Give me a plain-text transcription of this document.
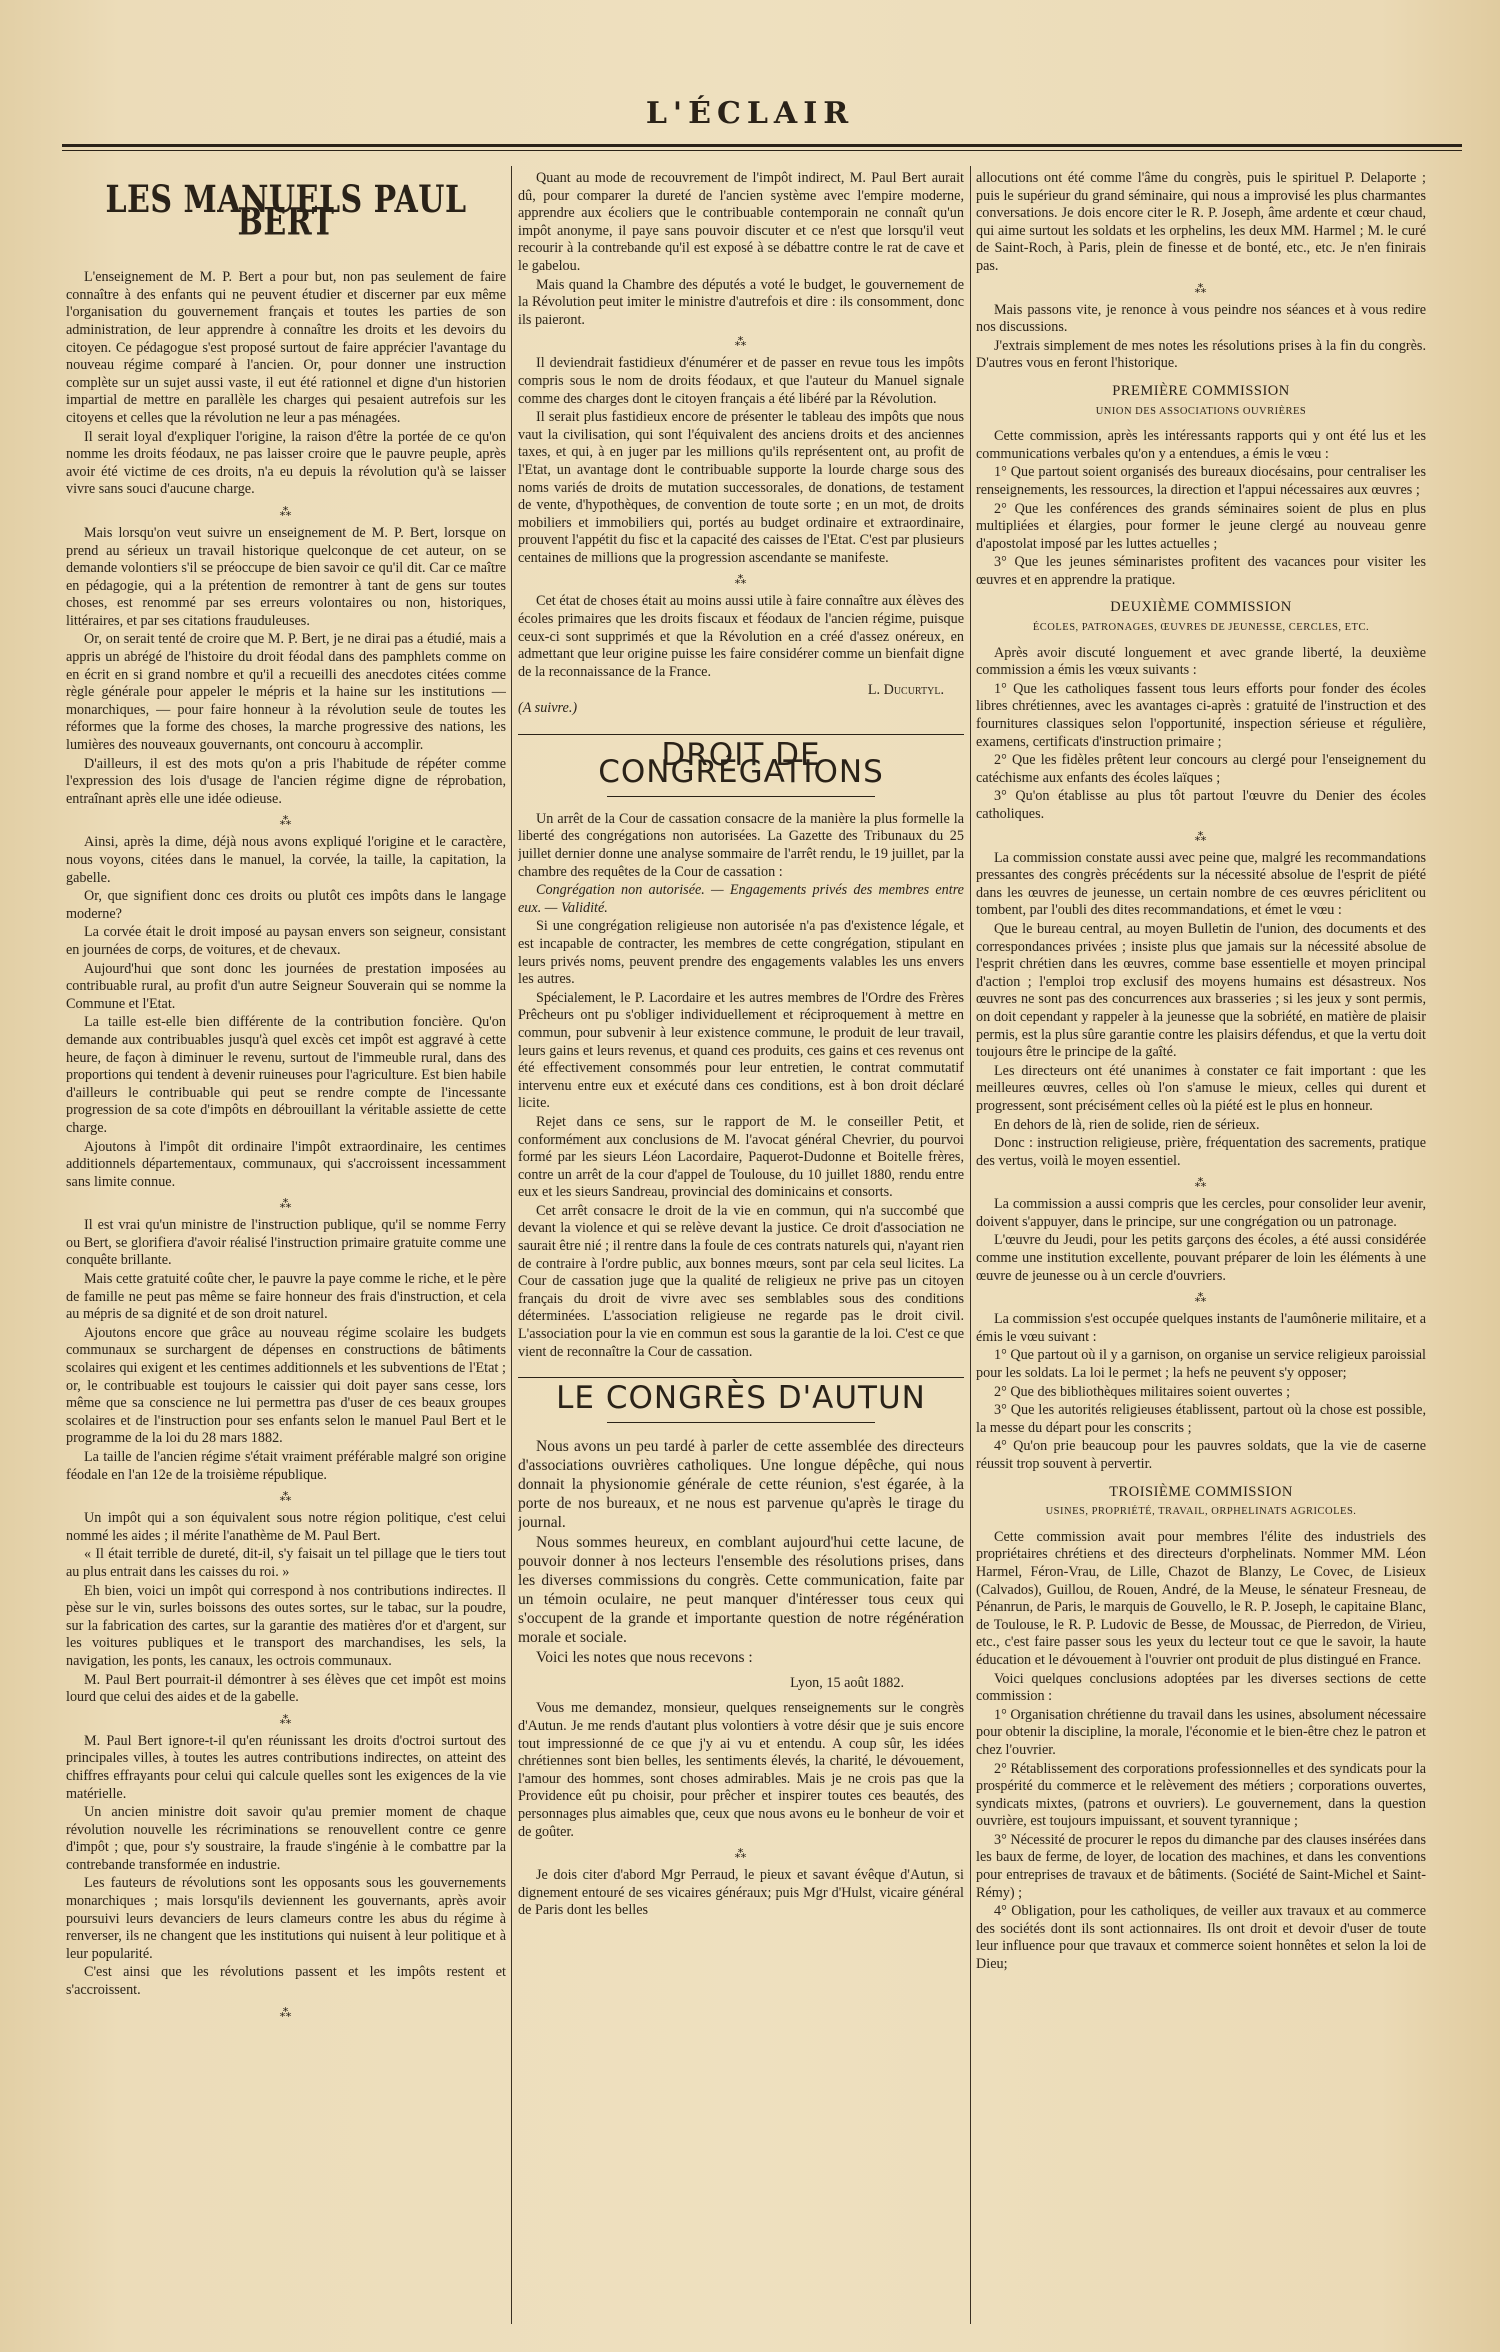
L'ÉCLAIR
LES MANUELS PAUL BERT

L'enseignement de M. P. Bert a pour but, non pas seulement de faire connaître à des enfants qui ne peuvent étudier et discerner par eux même l'organisation du gouvernement français et toutes les parties de son administration, de leur apprendre à connaître les droits et les devoirs du citoyen. Ce pédagogue s'est proposé surtout de faire apprécier l'avantage du nouveau régime comparé à l'ancien. Or, pour donner une instruction complète sur un sujet aussi vaste, il eut été rationnel et digne d'un historien impartial de mettre en parallèle les charges qui pesaient autrefois sur les citoyens et celles que la révolution ne leur a pas ménagées.

Il serait loyal d'expliquer l'origine, la raison d'être la portée de ce qu'on nomme les droits féodaux, ne pas laisser croire que le pauvre peuple, après avoir été victime de ces droits, n'a eu depuis la révolution qu'à se laisser vivre sans souci d'aucune charge.

⁂

Mais lorsqu'on veut suivre un enseignement de M. P. Bert, lorsque on prend au sérieux un travail historique quelconque de cet auteur, on se demande volontiers s'il se préoccupe de bien savoir ce qu'il dit. Car ce maître en pédagogie, qui a la prétention de remontrer à tant de gens sur toutes choses, est renommé par ses erreurs volontaires ou non, historiques, littéraires, et par ses citations frauduleuses.

Or, on serait tenté de croire que M. P. Bert, je ne dirai pas a étudié, mais a appris un abrégé de l'histoire du droit féodal dans des pamphlets comme on en écrit en si grand nombre et qu'il a recueilli des anecdotes citées comme règle générale pour appeler le mépris et la haine sur les institutions — monarchiques, — pour faire honneur à la révolution seule de toutes les réformes que la forme des choses, la marche progressive des nations, les lumières des nouveaux gouvernants, ont concouru à accomplir.

D'ailleurs, il est des mots qu'on a pris l'habitude de répéter comme l'expression des lois d'usage de l'ancien régime digne de réprobation, entraînant après elle une idée odieuse.

⁂

Ainsi, après la dime, déjà nous avons expliqué l'origine et le caractère, nous voyons, citées dans le manuel, la corvée, la taille, la capitation, la gabelle.

Or, que signifient donc ces droits ou plutôt ces impôts dans le langage moderne?

La corvée était le droit imposé au paysan envers son seigneur, consistant en journées de corps, de voitures, et de chevaux.

Aujourd'hui que sont donc les journées de prestation imposées au contribuable rural, au profit d'un autre Seigneur Souverain qui se nomme la Commune et l'Etat.

La taille est-elle bien différente de la contribution foncière. Qu'on demande aux contribuables jusqu'à quel excès cet impôt est aggravé à cette heure, de façon à diminuer le revenu, surtout de l'immeuble rural, dans des proportions qui tendent à devenir ruineuses pour l'agriculture. Est bien habile d'ailleurs le contribuable qui peut se rendre compte de l'incessante progression de sa cote d'impôts en débrouillant la véritable assiette de cette charge.

Ajoutons à l'impôt dit ordinaire l'impôt extraordinaire, les centimes additionnels départementaux, communaux, qui s'accroissent incessamment sans limite connue.

⁂

Il est vrai qu'un ministre de l'instruction publique, qu'il se nomme Ferry ou Bert, se glorifiera d'avoir réalisé l'instruction primaire gratuite comme une conquête brillante.

Mais cette gratuité coûte cher, le pauvre la paye comme le riche, et le père de famille ne peut pas même se faire honneur des frais d'instruction, et cela au mépris de sa dignité et de son droit naturel.

Ajoutons encore que grâce au nouveau régime scolaire les budgets communaux se surchargent de dépenses en constructions de bâtiments scolaires qui exigent et les centimes additionnels et les subventions de l'Etat ; or, le contribuable est toujours le caissier qui doit payer sans cesse, lors même que sa conscience ne lui permettra pas d'user de ces beaux groupes scolaires et de l'instruction pour ses enfants selon le manuel Paul Bert et le programme de la loi du 28 mars 1882.

La taille de l'ancien régime s'était vraiment préférable malgré son origine féodale en l'an 12e de la troisième république.

⁂

Un impôt qui a son équivalent sous notre région politique, c'est celui nommé les aides ; il mérite l'anathème de M. Paul Bert.

« Il était terrible de dureté, dit-il, s'y faisait un tel pillage que le tiers tout au plus entrait dans les caisses du roi. »

Eh bien, voici un impôt qui correspond à nos contributions indirectes. Il pèse sur le vin, surles boissons des outes sortes, sur le tabac, sur la poudre, sur la fabrication des cartes, sur la garantie des matières d'or et d'argent, sur les voitures publiques et le transport des marchandises, les sels, la navigation, les ponts, les canaux, les octrois communaux.

M. Paul Bert pourrait-il démontrer à ses élèves que cet impôt est moins lourd que celui des aides et de la gabelle.

⁂

M. Paul Bert ignore-t-il qu'en réunissant les droits d'octroi surtout des principales villes, à toutes les autres contributions indirectes, on atteint des chiffres effrayants pour celui qui calcule quelles sont les exigences de la vie matérielle.

Un ancien ministre doit savoir qu'au premier moment de chaque révolution nouvelle les récriminations se renouvellent contre ce genre d'impôt ; que, pour s'y soustraire, la fraude s'ingénie à le combattre par la contrebande transformée en industrie.

Les fauteurs de révolutions sont les opposants sous les gouvernements monarchiques ; mais lorsqu'ils deviennent les gouvernants, après avoir poursuivi leurs devanciers de leurs clameurs contre les abus du régime à renverser, ils ne changent que les institutions qui nuisent à leur politique et à leur popularité.

C'est ainsi que les révolutions passent et les impôts restent et s'accroissent.

⁂

Quant au mode de recouvrement de l'impôt indirect, M. Paul Bert aurait dû, pour comparer la dureté de l'ancien système avec l'empire moderne, apprendre aux écoliers que le contribuable contemporain ne connaît qu'un impôt anonyme, il paye sans pouvoir discuter et ce n'est que lorsqu'il veut recourir à la contrebande qu'il est exposé à se débattre contre le rat de cave et le gabelou.

Mais quand la Chambre des députés a voté le budget, le gouvernement de la Révolution peut imiter le ministre d'autrefois et dire : ils consomment, donc ils paieront.

⁂

Il deviendrait fastidieux d'énumérer et de passer en revue tous les impôts compris sous le nom de droits féodaux, et que l'auteur du Manuel signale comme des charges dont le citoyen français a été libéré par la Révolution.

Il serait plus fastidieux encore de présenter le tableau des impôts que nous vaut la civilisation, qui sont l'équivalent des anciens droits et des anciennes taxes, et qui, à en juger par les millions qu'ils représentent ont, au profit de l'Etat, un avantage dont le contribuable supporte la lourde charge sous des noms variés de droits de mutation successorales, de donations, de testament de vente, d'hypothèques, de convention de toute sorte ; en un mot, de droits mobiliers et immobiliers qui, portés au budget ordinaire et extraordinaire, prouvent l'appétit du fisc et la capacité des caisses de l'Etat. C'est par plusieurs centaines de millions que la progression ascendante se manifeste.

⁂

Cet état de choses était au moins aussi utile à faire connaître aux élèves des écoles primaires que les droits fiscaux et féodaux de l'ancien régime, puisque ceux-ci sont supprimés et que la Révolution en a créé d'assez onéreux, en admettant que leur origine puisse les faire considérer comme un bienfait digne de la reconnaissance de la France.

L. Ducurtyl.
(A suivre.)
DROIT DE CONGRÉGATIONS

Un arrêt de la Cour de cassation consacre de la manière la plus formelle la liberté des congrégations non autorisées. La Gazette des Tribunaux du 25 juillet dernier donne une analyse sommaire de l'arrêt rendu, le 19 juillet, par la chambre des requêtes de la Cour de cassation :

Congrégation non autorisée. — Engagements privés des membres entre eux. — Validité.

Si une congrégation religieuse non autorisée n'a pas d'existence légale, et est incapable de contracter, les membres de cette congrégation, stipulant en leurs privés noms, peuvent prendre des engagements valables les uns envers les autres.

Spécialement, le P. Lacordaire et les autres membres de l'Ordre des Frères Prêcheurs ont pu s'obliger individuellement et réciproquement à mettre en commun, pour subvenir à leur existence commune, le produit de leur travail, leurs gains et leurs revenus, et quand ces produits, ces gains et ces revenus ont été effectivement consommés pour leur entretien, le contrat commutatif intervenu entre eux et exécuté dans ces conditions, est à bon droit déclaré licite.

Rejet dans ce sens, sur le rapport de M. le conseiller Petit, et conformément aux conclusions de M. l'avocat général Chevrier, du pourvoi formé par les sieurs Léon Lacordaire, Paquerot-Dudonne et Boitelle frères, contre un arrêt de la cour d'appel de Toulouse, du 10 juillet 1880, rendu entre eux et les sieurs Sandreau, provincial des dominicains et consorts.

Cet arrêt consacre le droit de la vie en commun, qui n'a succombé que devant la violence et qui se relève devant la justice. Ce droit d'association ne saurait être nié ; il rentre dans la foule de ces contrats naturels qui, n'ayant rien de contraire à l'ordre public, aux bonnes mœurs, sont par cela seul licites. La Cour de cassation juge que la qualité de religieux ne prive pas un citoyen français du droit de vivre avec ses semblables sous des conditions déterminées. L'association religieuse ne regarde pas le droit civil. L'association pour la vie en commun est sous la garantie de la loi. C'est ce que vient de reconnaître la Cour de cassation.

LE CONGRÈS D'AUTUN

Nous avons un peu tardé à parler de cette assemblée des directeurs d'associations ouvrières catholiques. Une longue dépêche, qui nous donnait la physionomie générale de cette réunion, s'est égarée, à la porte de nos bureaux, et ne nous est parvenue qu'après le tirage du journal.

Nous sommes heureux, en comblant aujourd'hui cette lacune, de pouvoir donner à nos lecteurs l'ensemble des résolutions prises, dans les diverses commissions du congrès. Cette communication, faite par un témoin oculaire, ne peut manquer d'intéresser tous ceux qui s'occupent de la grande et importante question de notre régénération morale et sociale.

Voici les notes que nous recevons :

Lyon, 15 août 1882.

Vous me demandez, monsieur, quelques renseignements sur le congrès d'Autun. Je me rends d'autant plus volontiers à votre désir que je suis encore tout impressionné de ce que j'y ai vu et entendu. A coup sûr, les idées chrétiennes sont bien belles, les sentiments élevés, la charité, le dévouement, l'amour des hommes, sont choses admirables. Mais je ne crois pas que la Providence eût pu choisir, pour prêcher et inspirer toutes ces beautés, des personnages plus aimables que, ceux que nous avons eu le bonheur de voir et de goûter.

⁂

Je dois citer d'abord Mgr Perraud, le pieux et savant évêque d'Autun, si dignement entouré de ses vicaires généraux; puis Mgr d'Hulst, vicaire général de Paris dont les belles

allocutions ont été comme l'âme du congrès, puis le spirituel P. Delaporte ; puis le supérieur du grand séminaire, qui nous a improvisé les plus charmantes conversations. Je dois encore citer le R. P. Joseph, âme ardente et cœur chaud, qui aime surtout les soldats et les orphelins, les deux MM. Harmel ; M. le curé de Saint-Roch, à Paris, plein de finesse et de bonté, etc., etc. Je n'en finirais pas.

⁂

Mais passons vite, je renonce à vous peindre nos séances et à vous redire nos discussions.

J'extrais simplement de mes notes les résolutions prises à la fin du congrès. D'autres vous en feront l'historique.

PREMIÈRE COMMISSION
UNION DES ASSOCIATIONS OUVRIÈRES

Cette commission, après les intéressants rapports qui y ont été lus et les communications verbales qu'on y a entendues, a émis le vœu :

1° Que partout soient organisés des bureaux diocésains, pour centraliser les renseignements, les ressources, la direction et l'appui nécessaires aux œuvres ;

2° Que les conférences des grands séminaires soient de plus en plus multipliées et élargies, pour former le jeune clergé au nouveau genre d'apostolat imposé par les luttes actuelles ;

3° Que les jeunes séminaristes profitent des vacances pour visiter les œuvres et en apprendre la pratique.

DEUXIÈME COMMISSION
ÉCOLES, PATRONAGES, ŒUVRES DE JEUNESSE, CERCLES, ETC.

Après avoir discuté longuement et avec grande liberté, la deuxième commission a émis les vœux suivants :

1° Que les catholiques fassent tous leurs efforts pour fonder des écoles libres chrétiennes, avec les avantages ci-après : gratuité de l'instruction et des fournitures classiques selon l'opportunité, inspection sérieuse et régulière, examens, certificats d'instruction primaire ;

2° Que les fidèles prêtent leur concours au clergé pour l'enseignement du catéchisme aux enfants des écoles laïques ;

3° Qu'on établisse au plus tôt partout l'œuvre du Denier des écoles catholiques.

⁂

La commission constate aussi avec peine que, malgré les recommandations pressantes des congrès précédents sur la nécessité absolue de l'esprit de piété dans les œuvres de jeunesse, un certain nombre de ces œuvres périclitent ou tombent, par l'oubli des dites recommandations, et émet le vœu :

Que le bureau central, au moyen Bulletin de l'union, des documents et des correspondances privées ; insiste plus que jamais sur la nécessité absolue de l'esprit chrétien dans les œuvres, comme base essentielle et moyen principal d'action ; l'emploi trop exclusif des moyens humains est désastreux. Nos œuvres ne sont pas des concurrences aux brasseries ; si les jeux y sont permis, on doit cependant y rappeler à la jeunesse que la sobriété, en matière de plaisir permis, est la plus sûre garantie contre les plaisirs défendus, et que la vertu doit toujours être le principe de la gaîté.

Les directeurs ont été unanimes à constater ce fait important : que les meilleures œuvres, celles où l'on s'amuse le mieux, celles qui durent et progressent, sont précisément celles où la piété est le plus en honneur.

En dehors de là, rien de solide, rien de sérieux.

Donc : instruction religieuse, prière, fréquentation des sacrements, pratique des vertus, voilà le moyen essentiel.

⁂

La commission a aussi compris que les cercles, pour consolider leur avenir, doivent s'appuyer, dans le principe, sur une congrégation ou un patronage.

L'œuvre du Jeudi, pour les petits garçons des écoles, a été aussi considérée comme une institution excellente, pouvant préparer de loin les éléments à une œuvre de jeunesse ou à un cercle d'ouvriers.

⁂

La commission s'est occupée quelques instants de l'aumônerie militaire, et a émis le vœu suivant :

1° Que partout où il y a garnison, on organise un service religieux paroissial pour les soldats. La loi le permet ; la hefs ne peuvent s'y opposer;

2° Que des bibliothèques militaires soient ouvertes ;

3° Que les autorités religieuses établissent, partout où la chose est possible, la messe du départ pour les conscrits ;

4° Qu'on prie beaucoup pour les pauvres soldats, que la vie de caserne réussit trop souvent à pervertir.

TROISIÈME COMMISSION
USINES, PROPRIÉTÉ, TRAVAIL, ORPHELINATS AGRICOLES.

Cette commission avait pour membres l'élite des industriels des propriétaires chrétiens et des directeurs d'orphelinats. Nommer MM. Léon Harmel, Féron-Vrau, de Lille, Chazot de Blanzy, Le Covec, de Lisieux (Calvados), Guillou, de Rouen, André, de la Meuse, le sénateur Fresneau, de Pénanrun, de Paris, le marquis de Gouvello, le R. P. Joseph, le capitaine Blanc, de Toulouse, le R. P. Ludovic de Besse, de Moussac, de Pierredon, de Virieu, etc., c'est faire passer sous les yeux du lecteur tout ce que le savoir, la haute éducation et le dévouement à l'ouvrier ont produit de plus distingué en France.

Voici quelques conclusions adoptées par les diverses sections de cette commission :

1° Organisation chrétienne du travail dans les usines, absolument nécessaire pour obtenir la discipline, la morale, l'économie et le bien-être chez le patron et chez l'ouvrier.

2° Rétablissement des corporations professionnelles et des syndicats pour la prospérité du commerce et le relèvement des métiers ; corporations ouvertes, syndicats mixtes, (patrons et ouvriers). Le gouvernement, dans la question ouvrière, est toujours impuissant, et souvent tyrannique ;

3° Nécessité de procurer le repos du dimanche par des clauses insérées dans les baux de ferme, de loyer, de location des machines, et dans les conventions pour entreprises de travaux et de bâtiments. (Société de Saint-Michel et Saint-Rémy) ;

4° Obligation, pour les catholiques, de veiller aux travaux et au commerce des sociétés dont ils sont actionnaires. Ils ont droit et devoir d'user de toute leur influence pour que travaux et commerce soient honnêtes et selon la loi de Dieu;
